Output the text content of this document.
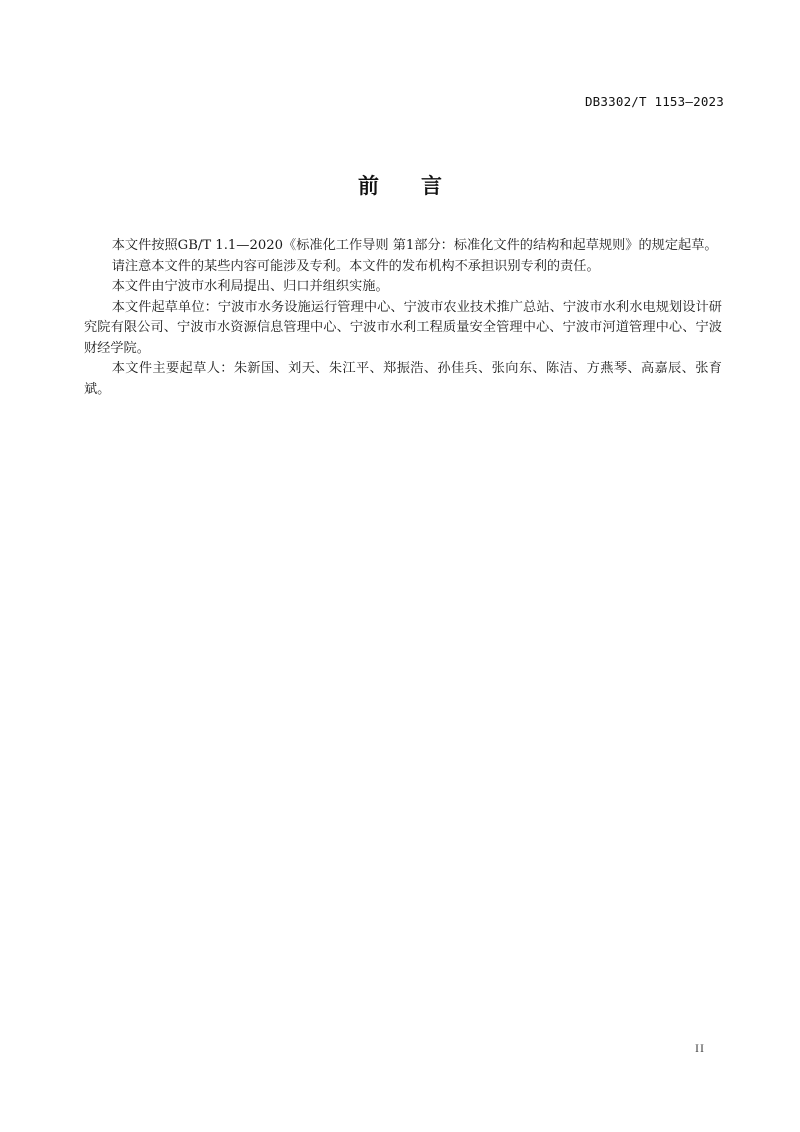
DB3302/T 1153—2023
前 言

本文件按照GB/T 1.1—2020《标准化工作导则 第1部分：标准化文件的结构和起草规则》的规定起草。

请注意本文件的某些内容可能涉及专利。本文件的发布机构不承担识别专利的责任。

本文件由宁波市水利局提出、归口并组织实施。

本文件起草单位：宁波市水务设施运行管理中心、宁波市农业技术推广总站、宁波市水利水电规划设计研究院有限公司、宁波市水资源信息管理中心、宁波市水利工程质量安全管理中心、宁波市河道管理中心、宁波财经学院。

本文件主要起草人：朱新国、刘天、朱江平、郑振浩、孙佳兵、张向东、陈洁、方燕琴、高嘉辰、张育斌。

II
